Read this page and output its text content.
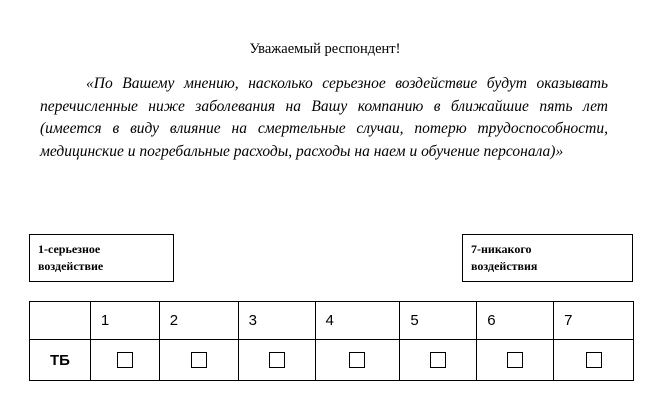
Уважаемый респондент!
«По Вашему мнению, насколько серьезное воздействие будут оказывать перечисленные ниже заболевания на Вашу компанию в ближайшие пять лет (имеется в виду влияние на смертельные случаи, потерю трудоспособности, медицинские и погребальные расходы, расходы на наем и обучение персонала)»
1-серьезное
воздействие
7-никакого
воздействия
	1	2	3	4	5	6	7
ТБ	
